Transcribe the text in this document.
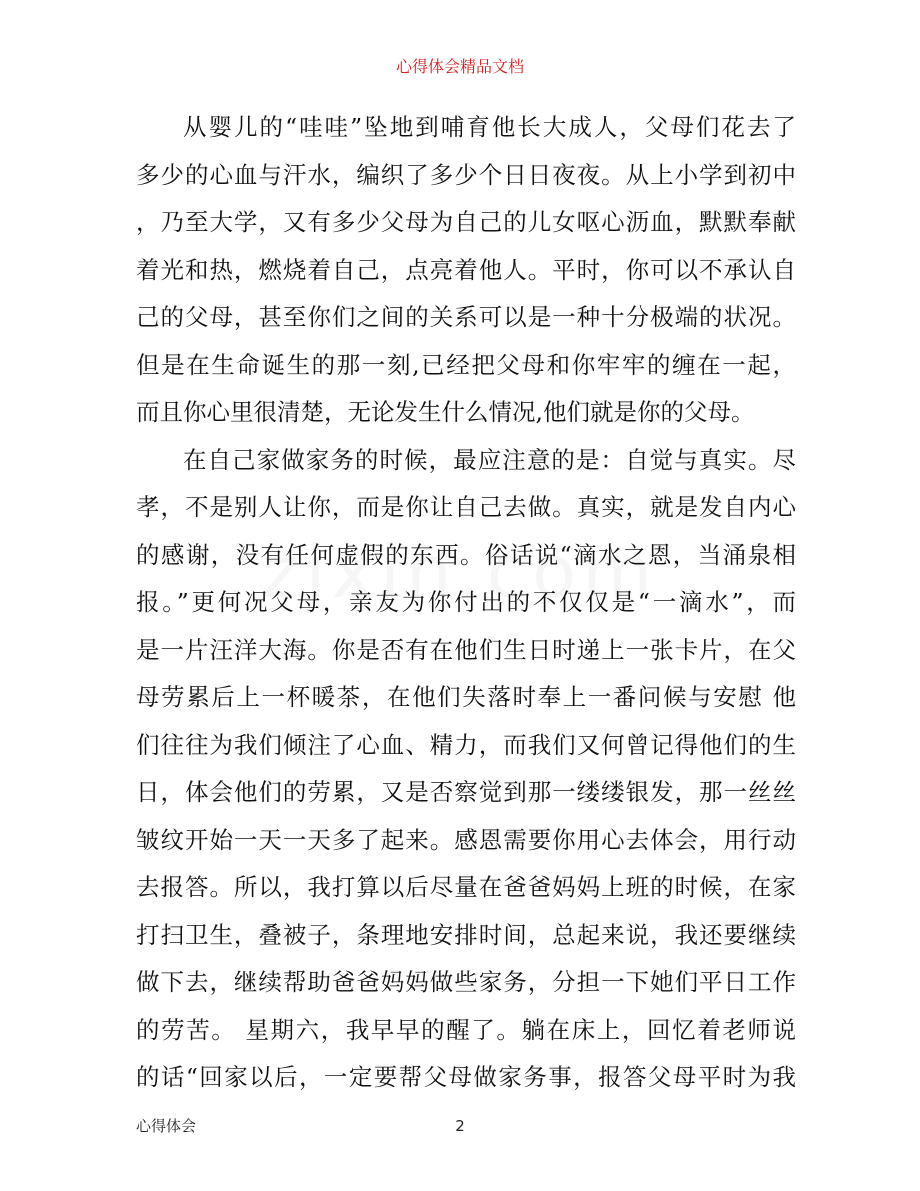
心得体会精品文档
从婴儿的“哇哇”坠地到哺育他长大成人，父母们花去了
多少的心血与汗水，编织了多少个日日夜夜。从上小学到初中
，乃至大学，又有多少父母为自己的儿女呕心沥血，默默奉献
着光和热，燃烧着自己，点亮着他人。平时，你可以不承认自
己的父母，甚至你们之间的关系可以是一种十分极端的状况。
但是在生命诞生的那一刻,已经把父母和你牢牢的缠在一起，
而且你心里很清楚，无论发生什么情况,他们就是你的父母。
在自己家做家务的时候，最应注意的是：自觉与真实。尽
孝，不是别人让你，而是你让自己去做。真实，就是发自内心
的感谢，没有任何虚假的东西。俗话说“滴水之恩，当涌泉相
报。”更何况父母，亲友为你付出的不仅仅是“一滴水”，而
是一片汪洋大海。你是否有在他们生日时递上一张卡片，在父
母劳累后上一杯暖茶，在他们失落时奉上一番问候与安慰 他
们往往为我们倾注了心血、精力，而我们又何曾记得他们的生
日，体会他们的劳累，又是否察觉到那一缕缕银发，那一丝丝
皱纹开始一天一天多了起来。感恩需要你用心去体会，用行动
去报答。所以，我打算以后尽量在爸爸妈妈上班的时候，在家
打扫卫生，叠被子，条理地安排时间，总起来说，我还要继续
做下去，继续帮助爸爸妈妈做些家务，分担一下她们平日工作
的劳苦。 星期六，我早早的醒了。躺在床上，回忆着老师说
的话“回家以后，一定要帮父母做家务事，报答父母平时为我
心得体会	2
